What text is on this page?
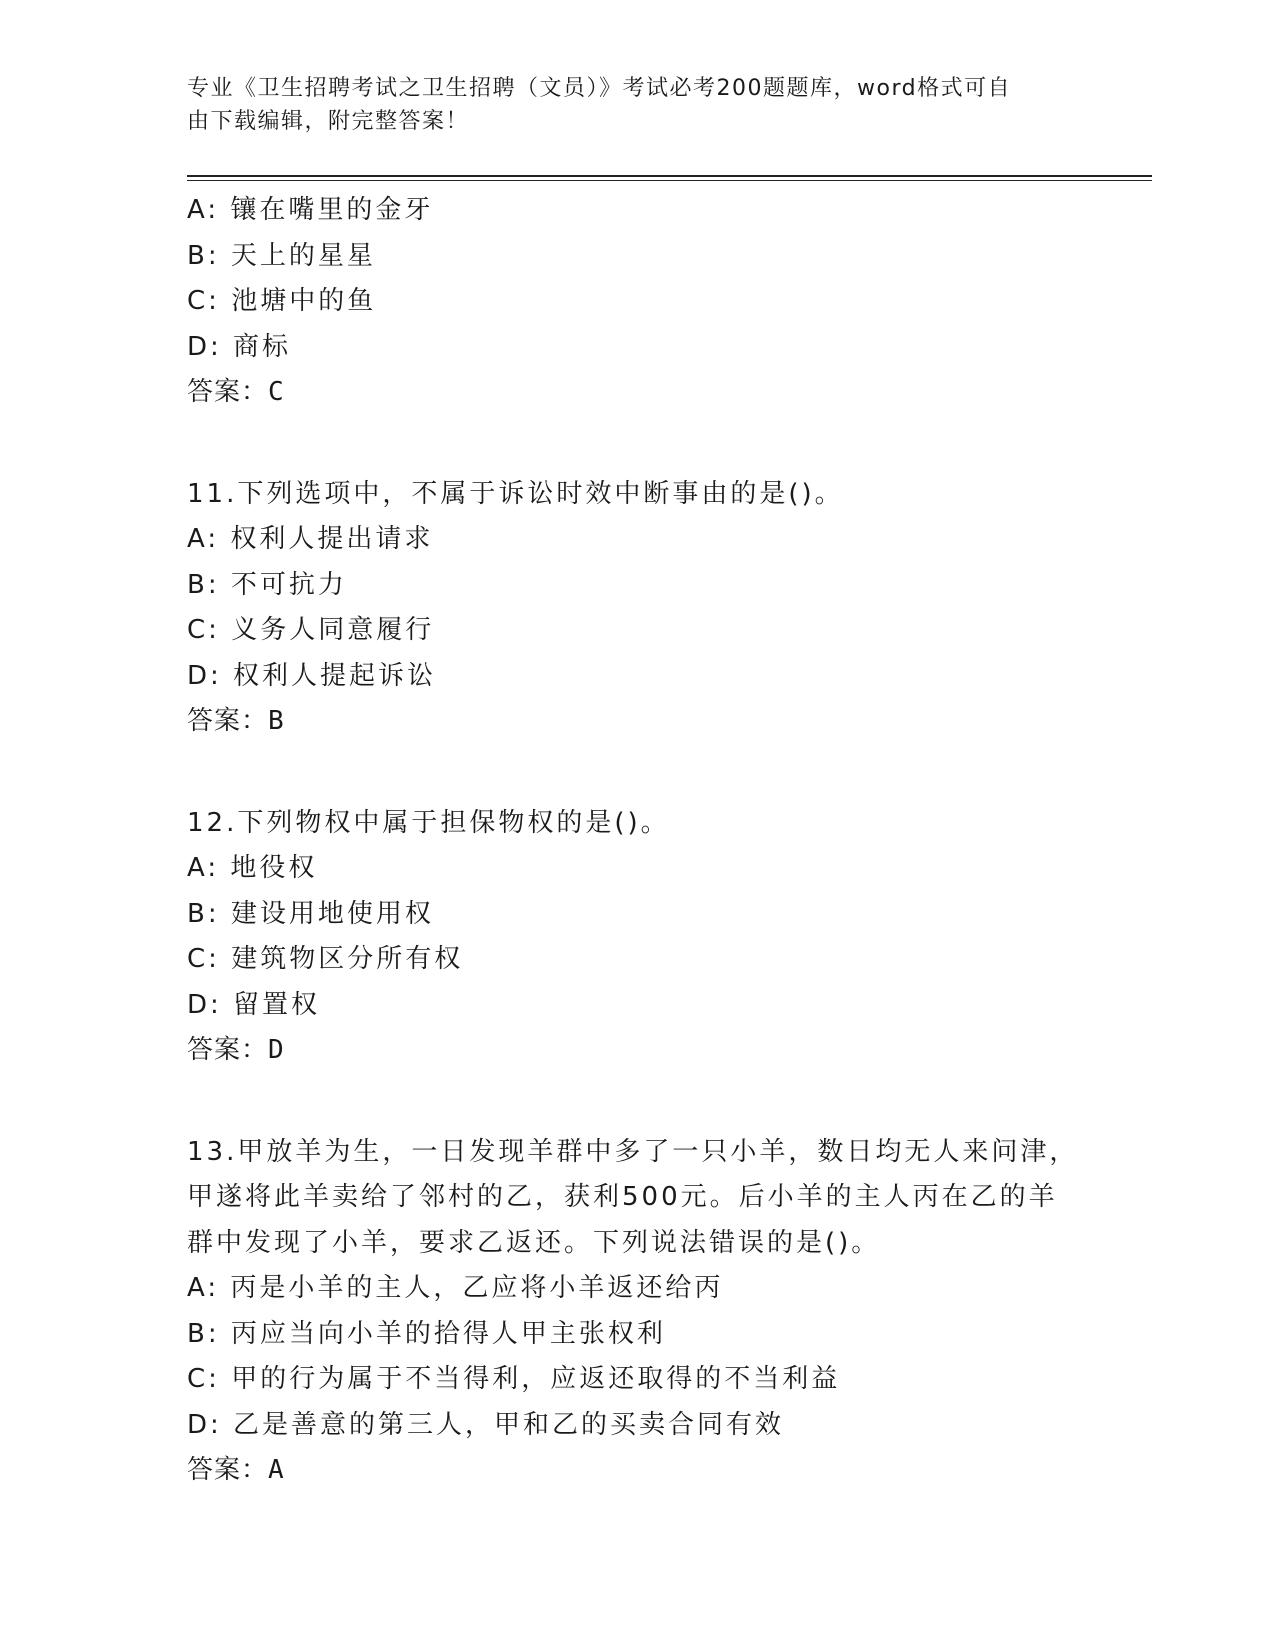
专业《卫生招聘考试之卫生招聘（文员）》考试必考200题题库，word格式可自
由下载编辑，附完整答案！
A: 镶在嘴里的金牙
B: 天上的星星
C: 池塘中的鱼
D: 商标
答案：C
11.下列选项中，不属于诉讼时效中断事由的是()。
A: 权利人提出请求
B: 不可抗力
C: 义务人同意履行
D: 权利人提起诉讼
答案：B
12.下列物权中属于担保物权的是()。
A: 地役权
B: 建设用地使用权
C: 建筑物区分所有权
D: 留置权
答案：D
13.甲放羊为生，一日发现羊群中多了一只小羊，数日均无人来问津，
甲遂将此羊卖给了邻村的乙，获利500元。后小羊的主人丙在乙的羊
群中发现了小羊，要求乙返还。下列说法错误的是()。
A: 丙是小羊的主人，乙应将小羊返还给丙
B: 丙应当向小羊的拾得人甲主张权利
C: 甲的行为属于不当得利，应返还取得的不当利益
D: 乙是善意的第三人，甲和乙的买卖合同有效
答案：A
